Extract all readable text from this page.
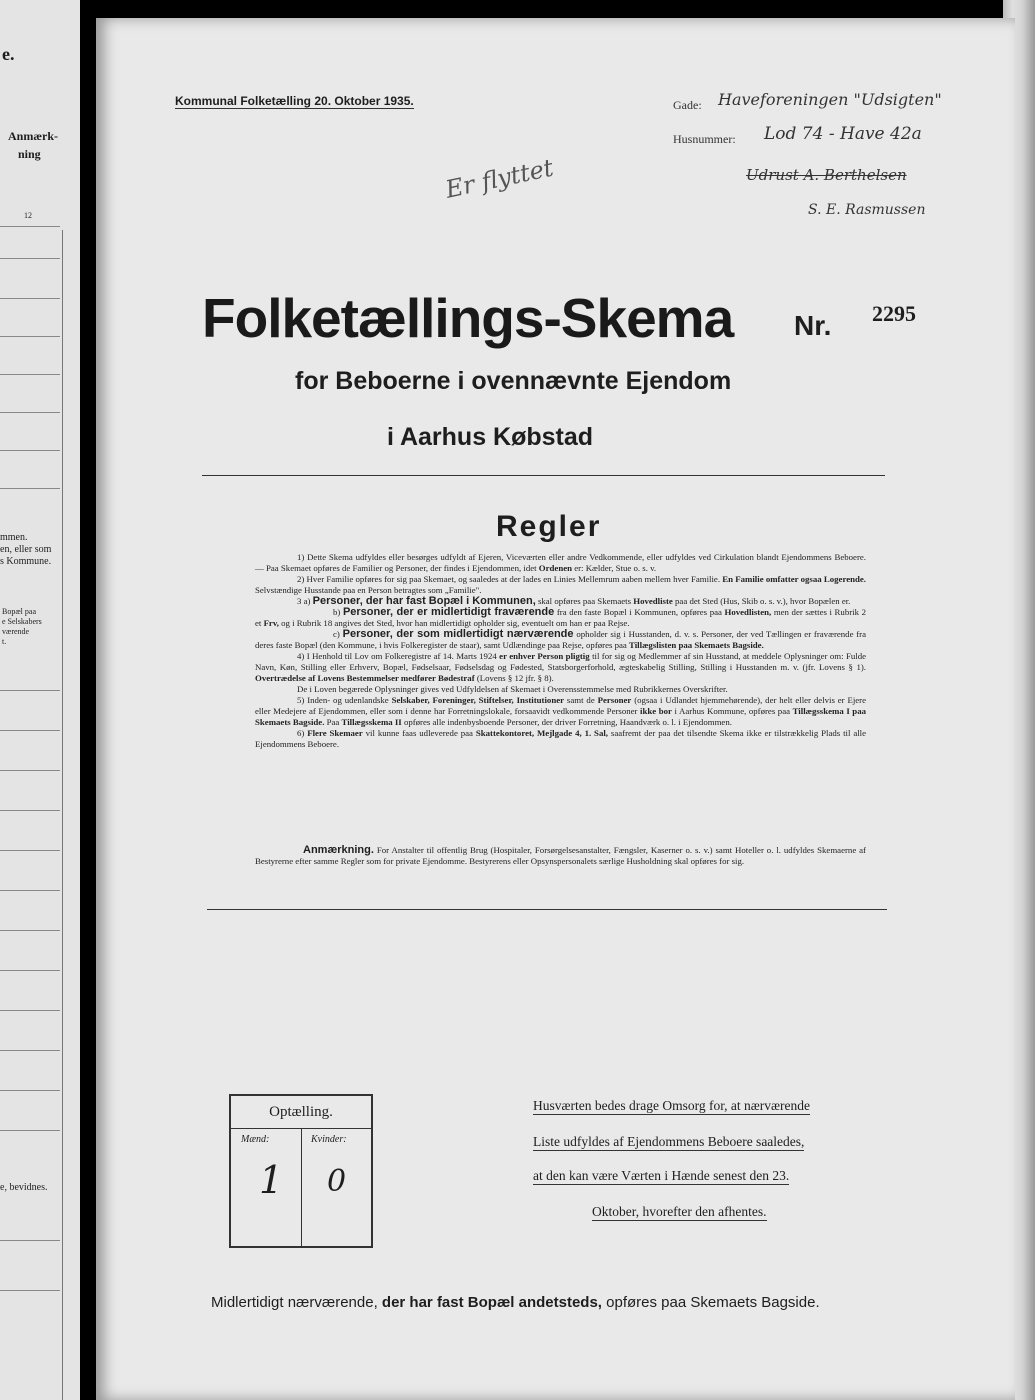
e.
Anmærk-
ning
12
mmen.
en, eller som
s Kommune.
Bopæl paa
e Selskabers
værende
t.
e, bevidnes.
Kommunal Folketælling 20. Oktober 1935.	Gade: Haveforeningen "Udsigten"
Husnummer: Lod 74 - Have 42a
Udrust A. Berthelsen
S. E. Rasmussen
Er flyttet
Folketællings-Skema Nr. 2295
for Beboerne i ovennævnte Ejendom
i Aarhus Købstad
Regler

1) Dette Skema udfyldes eller besørges udfyldt af Ejeren, Viceværten eller andre Vedkommende, eller udfyldes ved Cirkulation blandt Ejendommens Beboere. — Paa Skemaet opføres de Familier og Personer, der findes i Ejendommen, idet Ordenen er: Kælder, Stue o. s. v.

2) Hver Familie opføres for sig paa Skemaet, og saaledes at der lades en Linies Mellemrum aaben mellem hver Familie. En Familie omfatter ogsaa Logerende. Selvstændige Husstande paa en Person betragtes som „Familie".

3 a) Personer, der har fast Bopæl i Kommunen, skal opføres paa Skemaets Hovedliste paa det Sted (Hus, Skib o. s. v.), hvor Bopælen er.

b) Personer, der er midlertidigt fraværende fra den faste Bopæl i Kommunen, opføres paa Hovedlisten, men der sættes i Rubrik 2 et Frv, og i Rubrik 18 angives det Sted, hvor han midlertidigt opholder sig, eventuelt om han er paa Rejse.

c) Personer, der som midlertidigt nærværende opholder sig i Husstanden, d. v. s. Personer, der ved Tællingen er fraværende fra deres faste Bopæl (den Kommune, i hvis Folkeregister de staar), samt Udlændinge paa Rejse, opføres paa Tillægslisten paa Skemaets Bagside.

4) I Henhold til Lov om Folkeregistre af 14. Marts 1924 er enhver Person pligtig til for sig og Medlemmer af sin Husstand, at meddele Oplysninger om: Fulde Navn, Køn, Stilling eller Erhverv, Bopæl, Fødselsaar, Fødselsdag og Fødested, Statsborgerforhold, ægteskabelig Stilling, Stilling i Husstanden m. v. (jfr. Lovens § 1). Overtrædelse af Lovens Bestemmelser medfører Bødestraf (Lovens § 12 jfr. § 8).

De i Loven begærede Oplysninger gives ved Udfyldelsen af Skemaet i Overensstemmelse med Rubrikkernes Overskrifter.

5) Inden- og udenlandske Selskaber, Foreninger, Stiftelser, Institutioner samt de Personer (ogsaa i Udlandet hjemmehørende), der helt eller delvis er Ejere eller Medejere af Ejendommen, eller som i denne har Forretningslokale, forsaavidt vedkommende Personer ikke bor i Aarhus Kommune, opføres paa Tillægsskema I paa Skemaets Bagside. Paa Tillægsskema II opføres alle indenbysboende Personer, der driver Forretning, Haandværk o. l. i Ejendommen.

6) Flere Skemaer vil kunne faas udleverede paa Skattekontoret, Mejlgade 4, 1. Sal, saafremt der paa det tilsendte Skema ikke er tilstrækkelig Plads til alle Ejendommens Beboere.

Anmærkning. For Anstalter til offentlig Brug (Hospitaler, Forsørgelsesanstalter, Fængsler, Kaserner o. s. v.) samt Hoteller o. l. udfyldes Skemaerne af Bestyrerne efter samme Regler som for private Ejendomme. Bestyrerens eller Opsynspersonalets særlige Husholdning skal opføres for sig.
Optælling.
Mænd:	Kvinder:
1 0
Husværten bedes drage Omsorg for, at nærværende
Liste udfyldes af Ejendommens Beboere saaledes,
at den kan være Værten i Hænde senest den 23.
Oktober, hvorefter den afhentes.
Midlertidigt nærværende, der har fast Bopæl andetsteds, opføres paa Skemaets Bagside.
